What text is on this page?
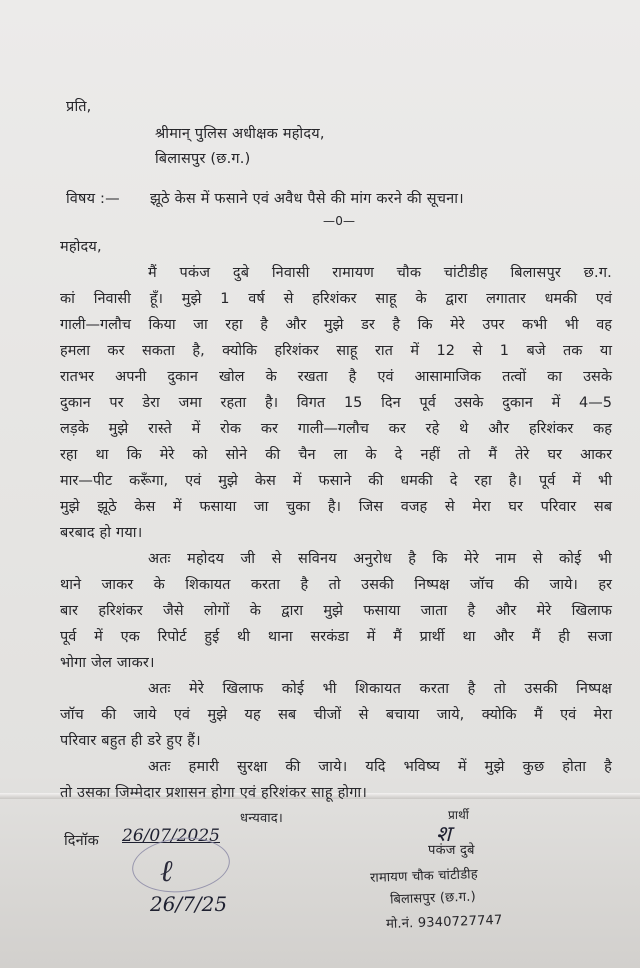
प्रति,
श्रीमान् पुलिस अधीक्षक महोदय,
बिलासपुर (छ.ग.)
विषय :— झूठे केस में फसाने एवं अवैध पैसे की मांग करने की सूचना।
—0—
महोदय,
मैं पकंज दुबे निवासी रामायण चौक चांटीडीह बिलासपुर छ.ग.
कां निवासी हूँ। मुझे 1 वर्ष से हरिशंकर साहू के द्वारा लगातार धमकी एवं
गाली—गलौच किया जा रहा है और मुझे डर है कि मेरे उपर कभी भी वह
हमला कर सकता है, क्योकि हरिशंकर साहू रात में 12 से 1 बजे तक या
रातभर अपनी दुकान खोल के रखता है एवं आसामाजिक तत्वों का उसके
दुकान पर डेरा जमा रहता है। विगत 15 दिन पूर्व उसके दुकान में 4—5
लड़के मुझे रास्ते में रोक कर गाली—गलौच कर रहे थे और हरिशंकर कह
रहा था कि मेरे को सोने की चैन ला के दे नहीं तो मैं तेरे घर आकर
मार—पीट करूँगा, एवं मुझे केस में फसाने की धमकी दे रहा है। पूर्व में भी
मुझे झूठे केस में फसाया जा चुका है। जिस वजह से मेरा घर परिवार सब
बरबाद हो गया।
अतः महोदय जी से सविनय अनुरोध है कि मेरे नाम से कोई भी
थाने जाकर के शिकायत करता है तो उसकी निष्पक्ष जॉच की जाये। हर
बार हरिशंकर जैसे लोगों के द्वारा मुझे फसाया जाता है और मेरे खिलाफ
पूर्व में एक रिपोर्ट हुई थी थाना सरकंडा में मैं प्रार्थी था और मैं ही सजा
भोगा जेल जाकर।
अतः मेरे खिलाफ कोई भी शिकायत करता है तो उसकी निष्पक्ष
जॉच की जाये एवं मुझे यह सब चीजों से बचाया जाये, क्योकि मैं एवं मेरा
परिवार बहुत ही डरे हुए हैं।
अतः हमारी सुरक्षा की जाये। यदि भविष्य में मुझे कुछ होता है
तो उसका जिम्मेदार प्रशासन होगा एवं हरिशंकर साहू होगा।
धन्यवाद।
दिनॉक 26/07/2025
प्रार्थी
श
पकंज दुबे
रामायण चौक चांटीडीह
बिलासपुर (छ.ग.)
मो.नं. 9340727747
ℓ
26/7/25
